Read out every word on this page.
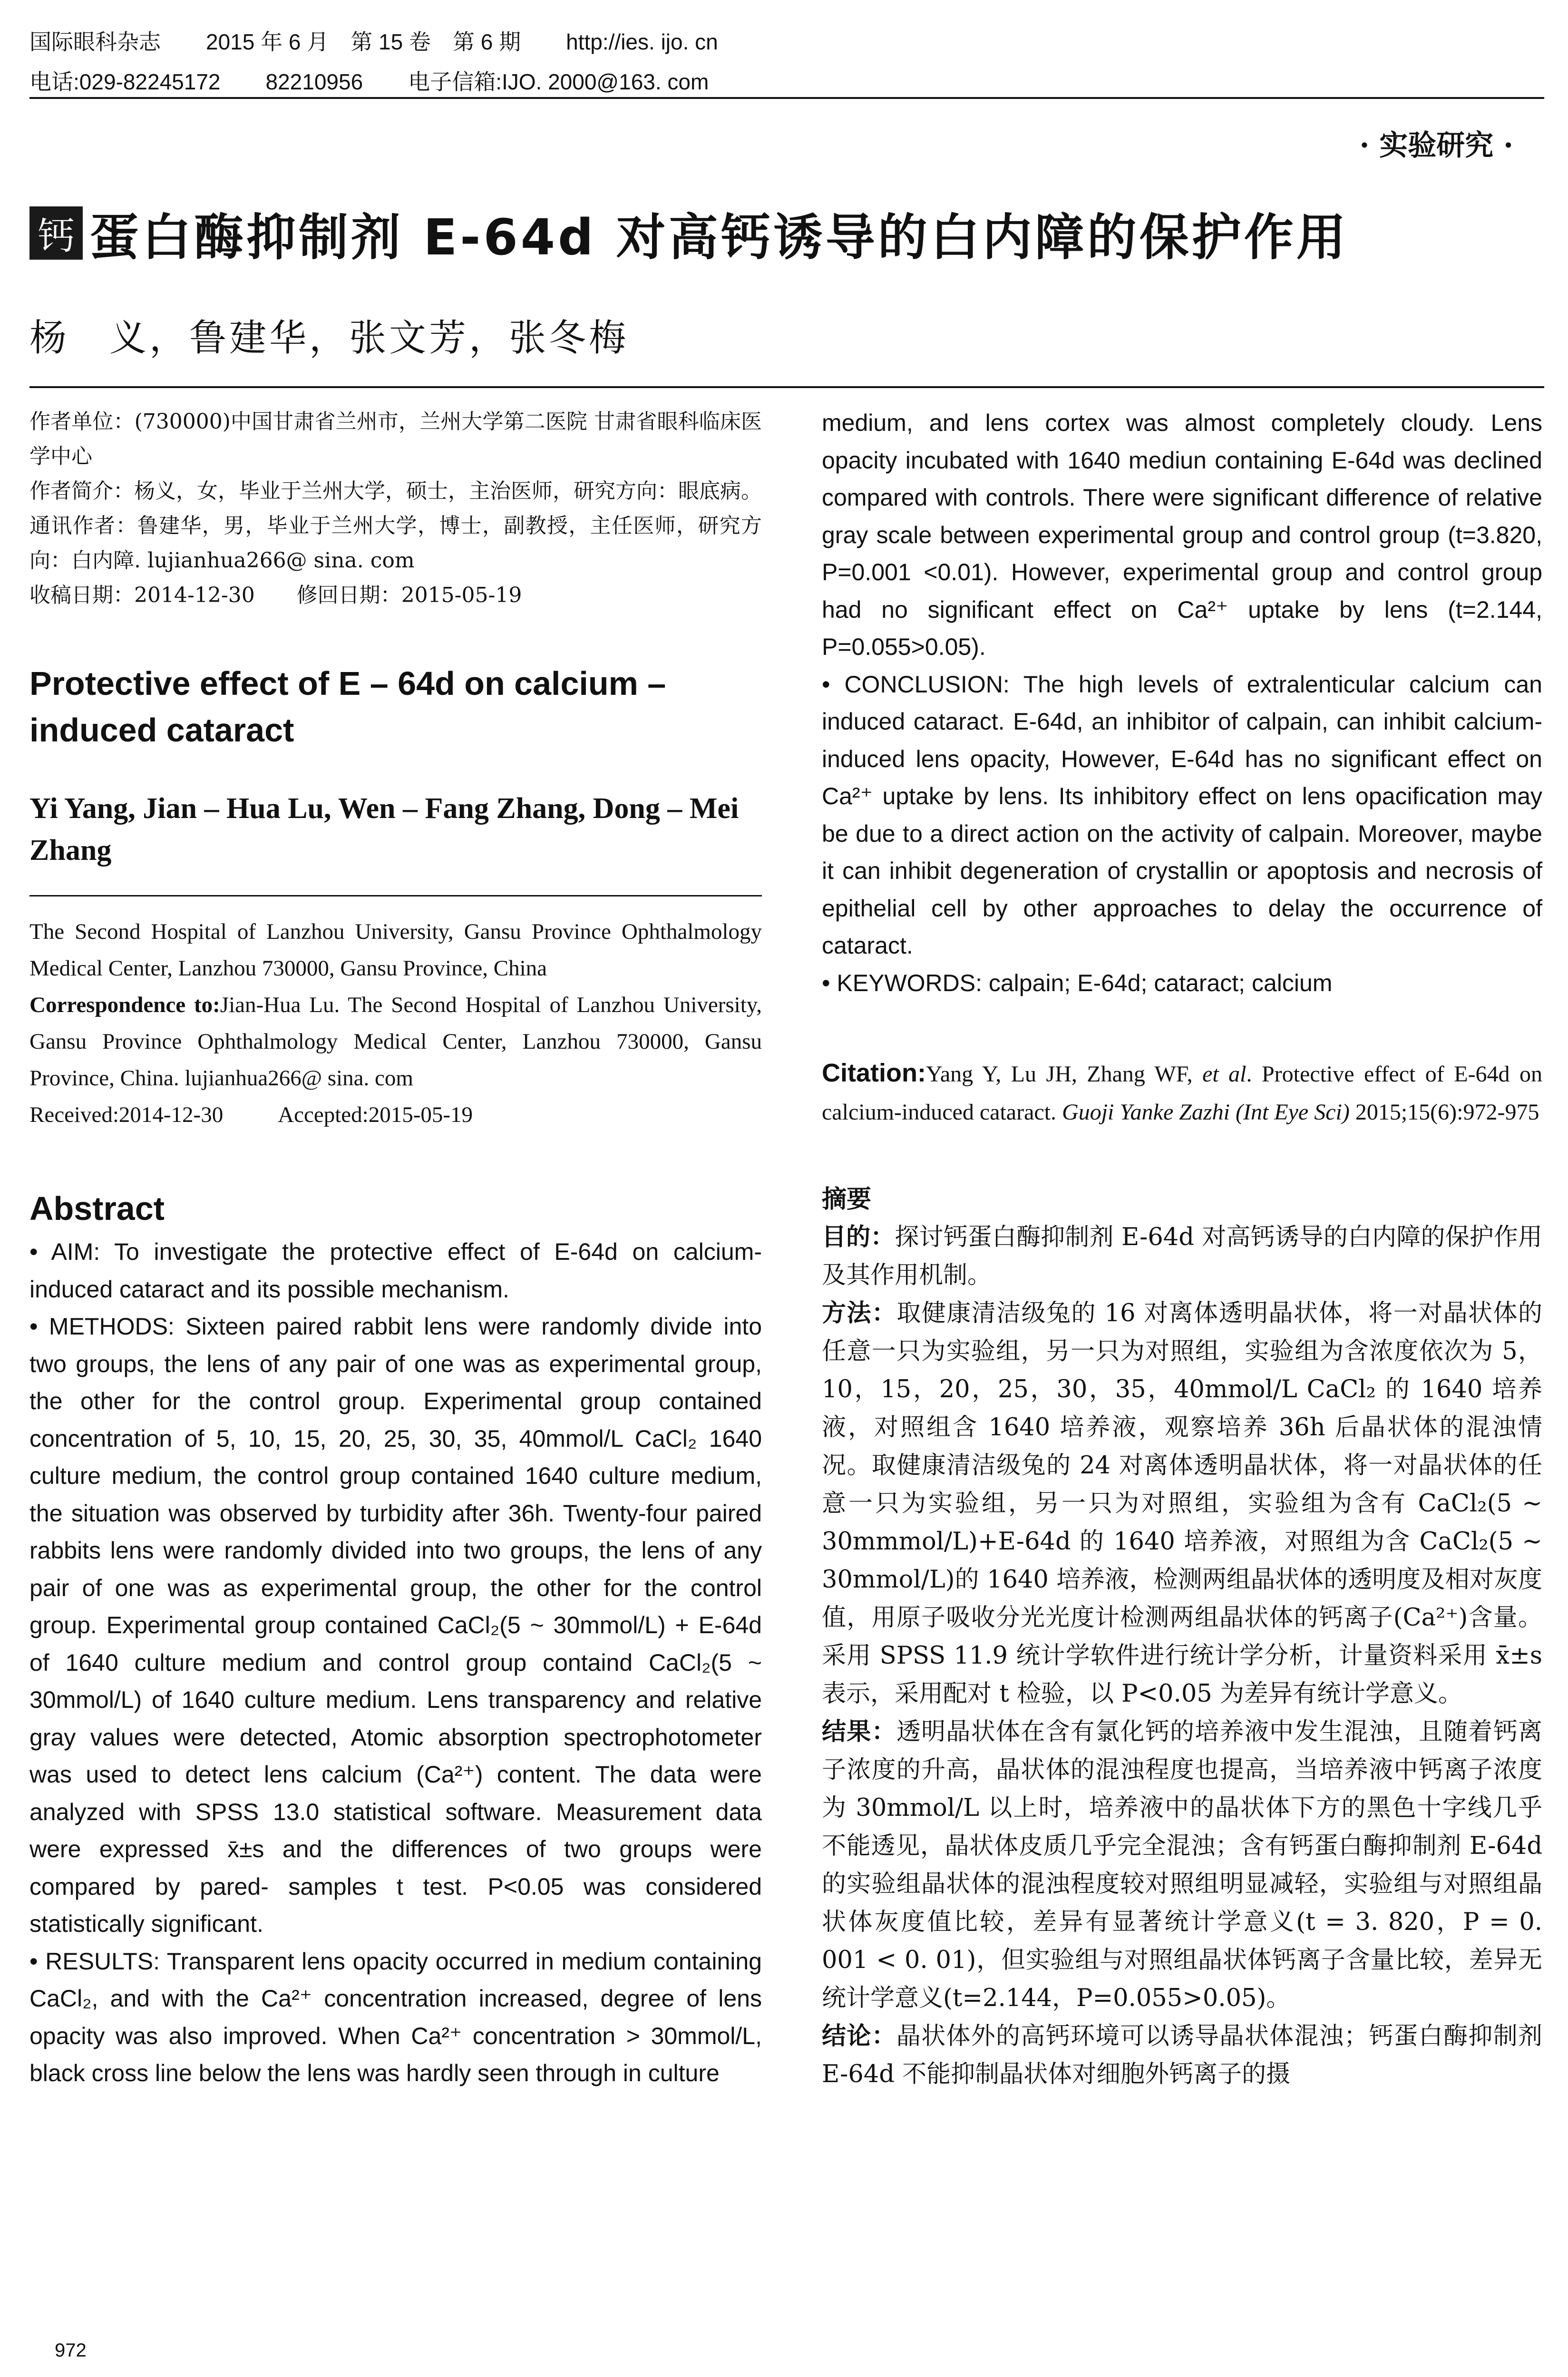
国际眼科杂志 2015 年 6 月　第 15 卷　第 6 期 http://ies. ijo. cn
电话:029-82245172 82210956 电子信箱:IJO. 2000@163. com
· 实验研究 ·
钙 蛋白酶抑制剂 E-64d 对高钙诱导的白内障的保护作用
杨　义，鲁建华，张文芳，张冬梅

作者单位：(730000)中国甘肃省兰州市，兰州大学第二医院 甘肃省眼科临床医学中心

作者简介：杨义，女，毕业于兰州大学，硕士，主治医师，研究方向：眼底病。

通讯作者：鲁建华，男，毕业于兰州大学，博士，副教授，主任医师，研究方向：白内障. lujianhua266@ sina. com

收稿日期：2014-12-30　　修回日期：2015-05-19

Protective effect of E – 64d on calcium – induced cataract
Yi Yang, Jian – Hua Lu, Wen – Fang Zhang, Dong – Mei Zhang

The Second Hospital of Lanzhou University, Gansu Province Ophthalmology Medical Center, Lanzhou 730000, Gansu Province, China

Correspondence to:Jian-Hua Lu. The Second Hospital of Lanzhou University, Gansu Province Ophthalmology Medical Center, Lanzhou 730000, Gansu Province, China. lujianhua266@ sina. com

Received:2014-12-30 Accepted:2015-05-19

Abstract

• AIM: To investigate the protective effect of E-64d on calcium-induced cataract and its possible mechanism.

• METHODS: Sixteen paired rabbit lens were randomly divide into two groups, the lens of any pair of one was as experimental group, the other for the control group. Experimental group contained concentration of 5, 10, 15, 20, 25, 30, 35, 40mmol/L CaCl₂ 1640 culture medium, the control group contained 1640 culture medium, the situation was observed by turbidity after 36h. Twenty-four paired rabbits lens were randomly divided into two groups, the lens of any pair of one was as experimental group, the other for the control group. Experimental group contained CaCl₂(5 ~ 30mmol/L) + E-64d of 1640 culture medium and control group containd CaCl₂(5 ~ 30mmol/L) of 1640 culture medium. Lens transparency and relative gray values were detected, Atomic absorption spectrophotometer was used to detect lens calcium (Ca²⁺) content. The data were analyzed with SPSS 13.0 statistical software. Measurement data were expressed x̄±s and the differences of two groups were compared by pared- samples t test. P<0.05 was considered statistically significant.

• RESULTS: Transparent lens opacity occurred in medium containing CaCl₂, and with the Ca²⁺ concentration increased, degree of lens opacity was also improved. When Ca²⁺ concentration > 30mmol/L, black cross line below the lens was hardly seen through in culture

medium, and lens cortex was almost completely cloudy. Lens opacity incubated with 1640 mediun containing E-64d was declined compared with controls. There were significant difference of relative gray scale between experimental group and control group (t=3.820, P=0.001 <0.01). However, experimental group and control group had no significant effect on Ca²⁺ uptake by lens (t=2.144, P=0.055>0.05).

• CONCLUSION: The high levels of extralenticular calcium can induced cataract. E-64d, an inhibitor of calpain, can inhibit calcium-induced lens opacity, However, E-64d has no significant effect on Ca²⁺ uptake by lens. Its inhibitory effect on lens opacification may be due to a direct action on the activity of calpain. Moreover, maybe it can inhibit degeneration of crystallin or apoptosis and necrosis of epithelial cell by other approaches to delay the occurrence of cataract.

• KEYWORDS: calpain; E-64d; cataract; calcium

Citation:Yang Y, Lu JH, Zhang WF, et al. Protective effect of E-64d on calcium-induced cataract. Guoji Yanke Zazhi (Int Eye Sci) 2015;15(6):972-975
摘要

目的：探讨钙蛋白酶抑制剂 E-64d 对高钙诱导的白内障的保护作用及其作用机制。

方法：取健康清洁级兔的 16 对离体透明晶状体，将一对晶状体的任意一只为实验组，另一只为对照组，实验组为含浓度依次为 5，10，15，20，25，30，35，40mmol/L CaCl₂ 的 1640 培养液，对照组含 1640 培养液，观察培养 36h 后晶状体的混浊情况。取健康清洁级兔的 24 对离体透明晶状体，将一对晶状体的任意一只为实验组，另一只为对照组，实验组为含有 CaCl₂(5 ~ 30mmmol/L)+E-64d 的 1640 培养液，对照组为含 CaCl₂(5 ~ 30mmol/L)的 1640 培养液，检测两组晶状体的透明度及相对灰度值，用原子吸收分光光度计检测两组晶状体的钙离子(Ca²⁺)含量。采用 SPSS 11.9 统计学软件进行统计学分析，计量资料采用 x̄±s 表示，采用配对 t 检验，以 P<0.05 为差异有统计学意义。

结果：透明晶状体在含有氯化钙的培养液中发生混浊，且随着钙离子浓度的升高，晶状体的混浊程度也提高，当培养液中钙离子浓度为 30mmol/L 以上时，培养液中的晶状体下方的黑色十字线几乎不能透见，晶状体皮质几乎完全混浊；含有钙蛋白酶抑制剂 E-64d 的实验组晶状体的混浊程度较对照组明显减轻，实验组与对照组晶状体灰度值比较，差异有显著统计学意义(t = 3. 820，P = 0. 001 < 0. 01)，但实验组与对照组晶状体钙离子含量比较，差异无统计学意义(t=2.144，P=0.055>0.05)。

结论：晶状体外的高钙环境可以诱导晶状体混浊；钙蛋白酶抑制剂 E-64d 不能抑制晶状体对细胞外钙离子的摄

972
